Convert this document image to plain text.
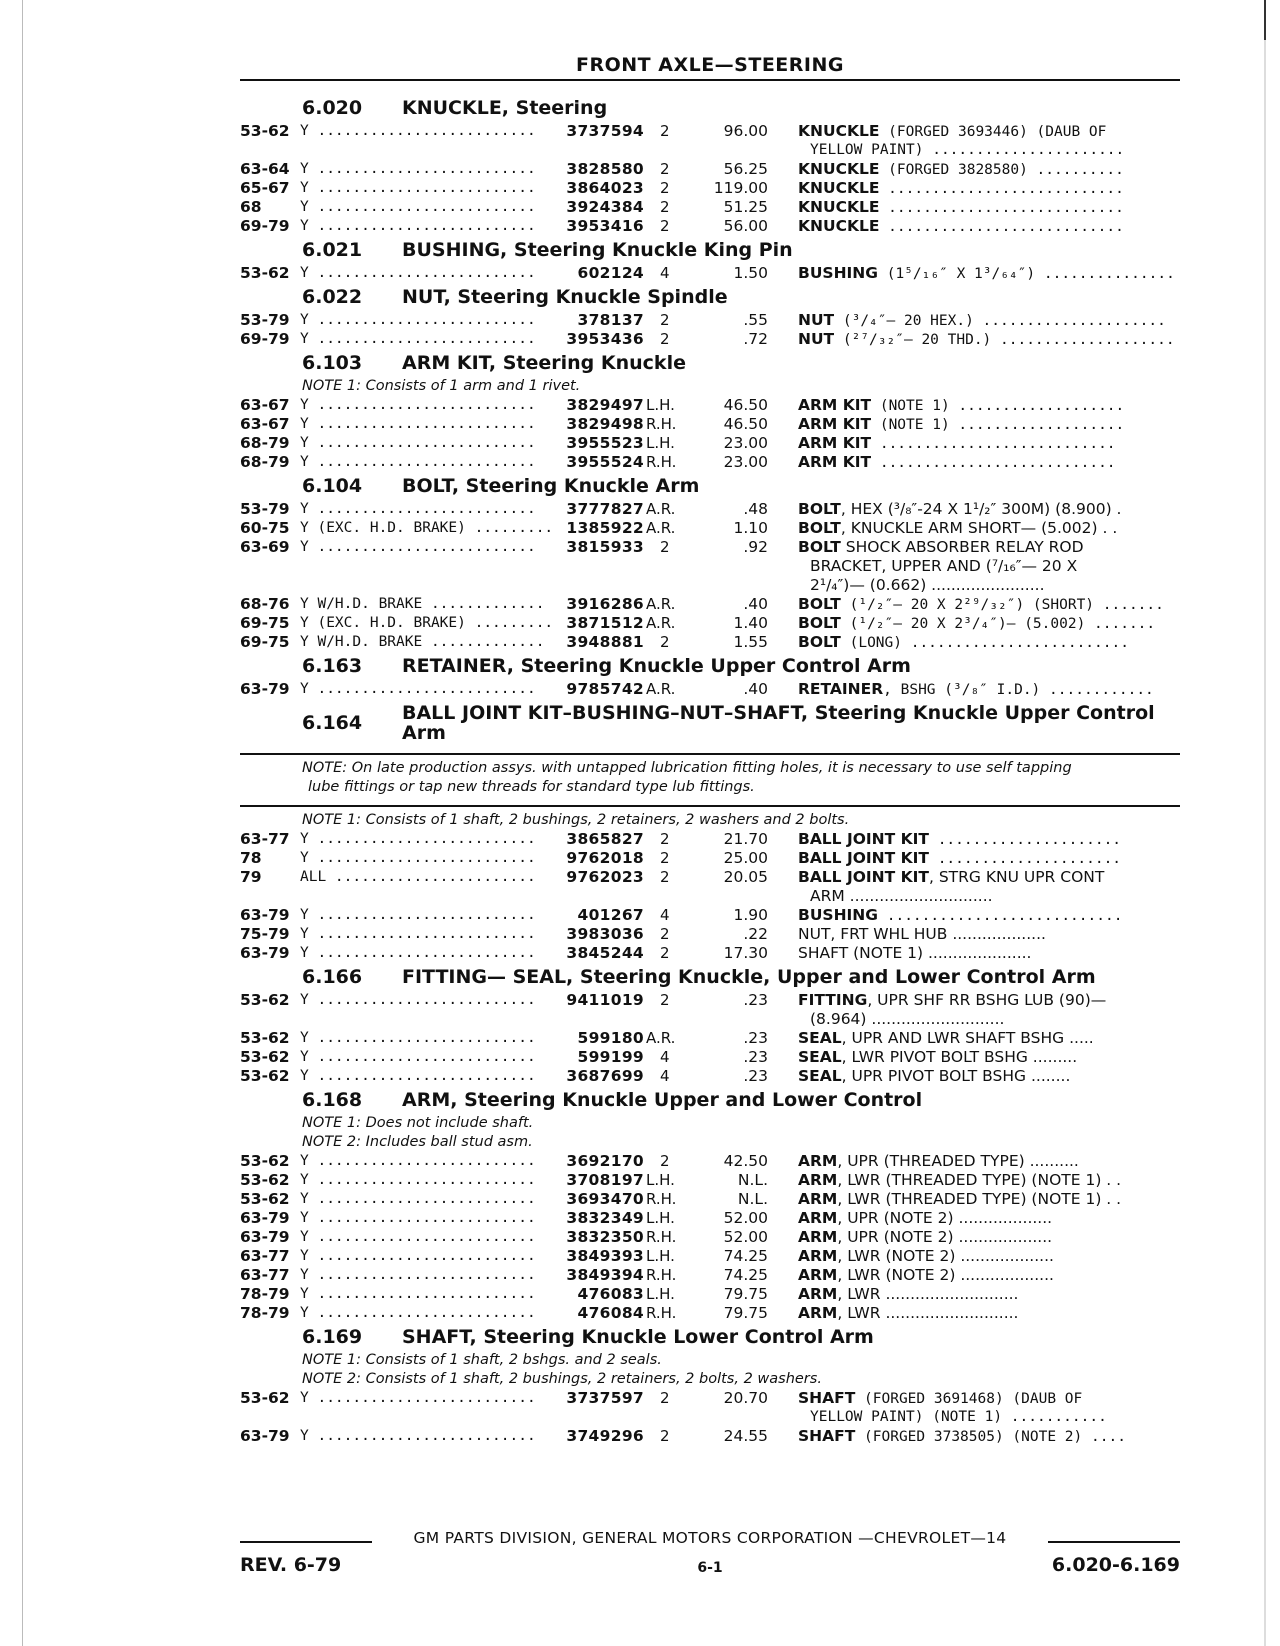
FRONT AXLE—STEERING
6.020 KNUCKLE, Steering
53-62 Y .........................	3737594	2	96.00 KNUCKLE (FORGED 3693446) (DAUB OF
YELLOW PAINT) ......................
63-64 Y .........................	3828580	2	56.25 KNUCKLE (FORGED 3828580) ..........
65-67 Y .........................	3864023	2	119.00 KNUCKLE ...........................
68	Y .........................	3924384	2	51.25 KNUCKLE ...........................
69-79 Y .........................	3953416	2	56.00 KNUCKLE ...........................
6.021 BUSHING, Steering Knuckle King Pin
53-62 Y .........................	602124	4	1.50 BUSHING (1⁵/₁₆″ X 1³/₆₄″) ...............
6.022 NUT, Steering Knuckle Spindle
53-79 Y .........................	378137	2	.55 NUT (³/₄″— 20 HEX.) .....................
69-79 Y .........................	3953436	2	.72 NUT (²⁷/₃₂″— 20 THD.) ....................
6.103 ARM KIT, Steering Knuckle
NOTE 1: Consists of 1 arm and 1 rivet.
63-67 Y .........................	3829497 L.H.	46.50 ARM KIT (NOTE 1) ...................
63-67 Y .........................	3829498 R.H.	46.50 ARM KIT (NOTE 1) ...................
68-79 Y .........................	3955523 L.H.	23.00 ARM KIT ...........................
68-79 Y .........................	3955524 R.H.	23.00 ARM KIT ...........................
6.104 BOLT, Steering Knuckle Arm
53-79 Y .........................	3777827 A.R.	.48 BOLT, HEX (³/₈″-24 X 1¹/₂″ 300M) (8.900) .
60-75 Y (EXC. H.D. BRAKE) ......... 1385922 A.R.	1.10 BOLT, KNUCKLE ARM SHORT— (5.002) . .
63-69 Y .........................	3815933	2	.92 BOLT SHOCK ABSORBER RELAY ROD
BRACKET, UPPER AND (⁷/₁₆″— 20 X
2¹/₄″)— (0.662) .......................
68-76 Y W/H.D. BRAKE .............	3916286 A.R.	.40 BOLT (¹/₂″— 20 X 2²⁹/₃₂″) (SHORT) .......
69-75 Y (EXC. H.D. BRAKE) ......... 3871512 A.R.	1.40 BOLT (¹/₂″— 20 X 2³/₄″)— (5.002) .......
69-75 Y W/H.D. BRAKE .............	3948881	2	1.55 BOLT (LONG) .........................
6.163 RETAINER, Steering Knuckle Upper Control Arm
63-79 Y .........................	9785742 A.R.	.40 RETAINER, BSHG (³/₈″ I.D.) ............
6.164 BALL JOINT KIT–BUSHING–NUT–SHAFT, Steering Knuckle Upper Control Arm
NOTE: On late production assys. with untapped lubrication fitting holes, it is necessary to use self tapping
lube fittings or tap new threads for standard type lub fittings.
NOTE 1: Consists of 1 shaft, 2 bushings, 2 retainers, 2 washers and 2 bolts.
63-77 Y .........................	3865827	2	21.70 BALL JOINT KIT .....................
78	Y .........................	9762018	2	25.00 BALL JOINT KIT .....................
79	ALL .......................	9762023	2	20.05 BALL JOINT KIT, STRG KNU UPR CONT
ARM .............................
63-79 Y .........................	401267	4	1.90 BUSHING ...........................
75-79 Y .........................	3983036	2	.22 NUT, FRT WHL HUB ...................
63-79 Y .........................	3845244	2	17.30 SHAFT (NOTE 1) .....................
6.166 FITTING— SEAL, Steering Knuckle, Upper and Lower Control Arm
53-62 Y .........................	9411019	2	.23 FITTING, UPR SHF RR BSHG LUB (90)—
(8.964) ...........................
53-62 Y .........................	599180 A.R.	.23 SEAL, UPR AND LWR SHAFT BSHG .....
53-62 Y .........................	599199	4	.23 SEAL, LWR PIVOT BOLT BSHG .........
53-62 Y .........................	3687699	4	.23 SEAL, UPR PIVOT BOLT BSHG ........
6.168 ARM, Steering Knuckle Upper and Lower Control
NOTE 1: Does not include shaft.
NOTE 2: Includes ball stud asm.
53-62 Y .........................	3692170	2	42.50 ARM, UPR (THREADED TYPE) ..........
53-62 Y .........................	3708197 L.H.	N.L. ARM, LWR (THREADED TYPE) (NOTE 1) . .
53-62 Y .........................	3693470 R.H.	N.L. ARM, LWR (THREADED TYPE) (NOTE 1) . .
63-79 Y .........................	3832349 L.H.	52.00 ARM, UPR (NOTE 2) ...................
63-79 Y .........................	3832350 R.H.	52.00 ARM, UPR (NOTE 2) ...................
63-77 Y .........................	3849393 L.H.	74.25 ARM, LWR (NOTE 2) ...................
63-77 Y .........................	3849394 R.H.	74.25 ARM, LWR (NOTE 2) ...................
78-79 Y .........................	476083 L.H.	79.75 ARM, LWR ...........................
78-79 Y .........................	476084 R.H.	79.75 ARM, LWR ...........................
6.169 SHAFT, Steering Knuckle Lower Control Arm
NOTE 1: Consists of 1 shaft, 2 bshgs. and 2 seals.
NOTE 2: Consists of 1 shaft, 2 bushings, 2 retainers, 2 bolts, 2 washers.
53-62 Y .........................	3737597	2	20.70 SHAFT (FORGED 3691468) (DAUB OF
YELLOW PAINT) (NOTE 1) ...........
63-79 Y .........................	3749296	2	24.55 SHAFT (FORGED 3738505) (NOTE 2) ....
GM PARTS DIVISION, GENERAL MOTORS CORPORATION —CHEVROLET—14
REV. 6-79	6-1	6.020-6.169
